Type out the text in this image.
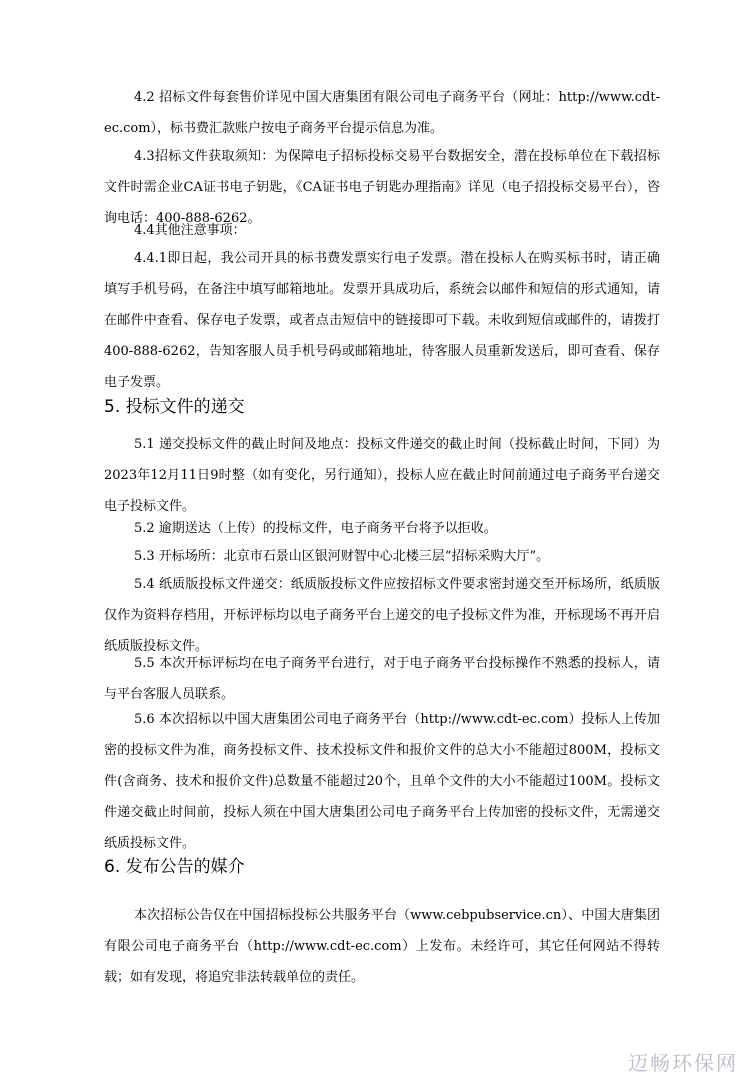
4.2 招标文件每套售价详见中国大唐集团有限公司电子商务平台（网址：http://www.cdt-ec.com），标书费汇款账户按电子商务平台提示信息为准。

4.3招标文件获取须知：为保障电子招标投标交易平台数据安全，潜在投标单位在下载招标文件时需企业CA证书电子钥匙，《CA证书电子钥匙办理指南》详见（电子招投标交易平台），咨询电话：400-888-6262。

4.4其他注意事项：

4.4.1即日起，我公司开具的标书费发票实行电子发票。潜在投标人在购买标书时，请正确填写手机号码，在备注中填写邮箱地址。发票开具成功后，系统会以邮件和短信的形式通知，请在邮件中查看、保存电子发票，或者点击短信中的链接即可下载。未收到短信或邮件的，请拨打400-888-6262，告知客服人员手机号码或邮箱地址，待客服人员重新发送后，即可查看、保存电子发票。

5. 投标文件的递交

5.1 递交投标文件的截止时间及地点：投标文件递交的截止时间（投标截止时间，下同）为2023年12月11日9时整（如有变化，另行通知），投标人应在截止时间前通过电子商务平台递交电子投标文件。

5.2 逾期送达（上传）的投标文件，电子商务平台将予以拒收。

5.3 开标场所：北京市石景山区银河财智中心北楼三层“招标采购大厅”。

5.4 纸质版投标文件递交：纸质版投标文件应按招标文件要求密封递交至开标场所，纸质版仅作为资料存档用，开标评标均以电子商务平台上递交的电子投标文件为准，开标现场不再开启纸质版投标文件。

5.5 本次开标评标均在电子商务平台进行，对于电子商务平台投标操作不熟悉的投标人，请与平台客服人员联系。

5.6 本次招标以中国大唐集团公司电子商务平台（http://www.cdt-ec.com）投标人上传加密的投标文件为准，商务投标文件、技术投标文件和报价文件的总大小不能超过800M，投标文件(含商务、技术和报价文件)总数量不能超过20个，且单个文件的大小不能超过100M。投标文件递交截止时间前，投标人须在中国大唐集团公司电子商务平台上传加密的投标文件，无需递交纸质投标文件。

6. 发布公告的媒介

本次招标公告仅在中国招标投标公共服务平台（www.cebpubservice.cn）、中国大唐集团有限公司电子商务平台（http://www.cdt-ec.com）上发布。未经许可，其它任何网站不得转载；如有发现，将追究非法转载单位的责任。

迈畅环保网
